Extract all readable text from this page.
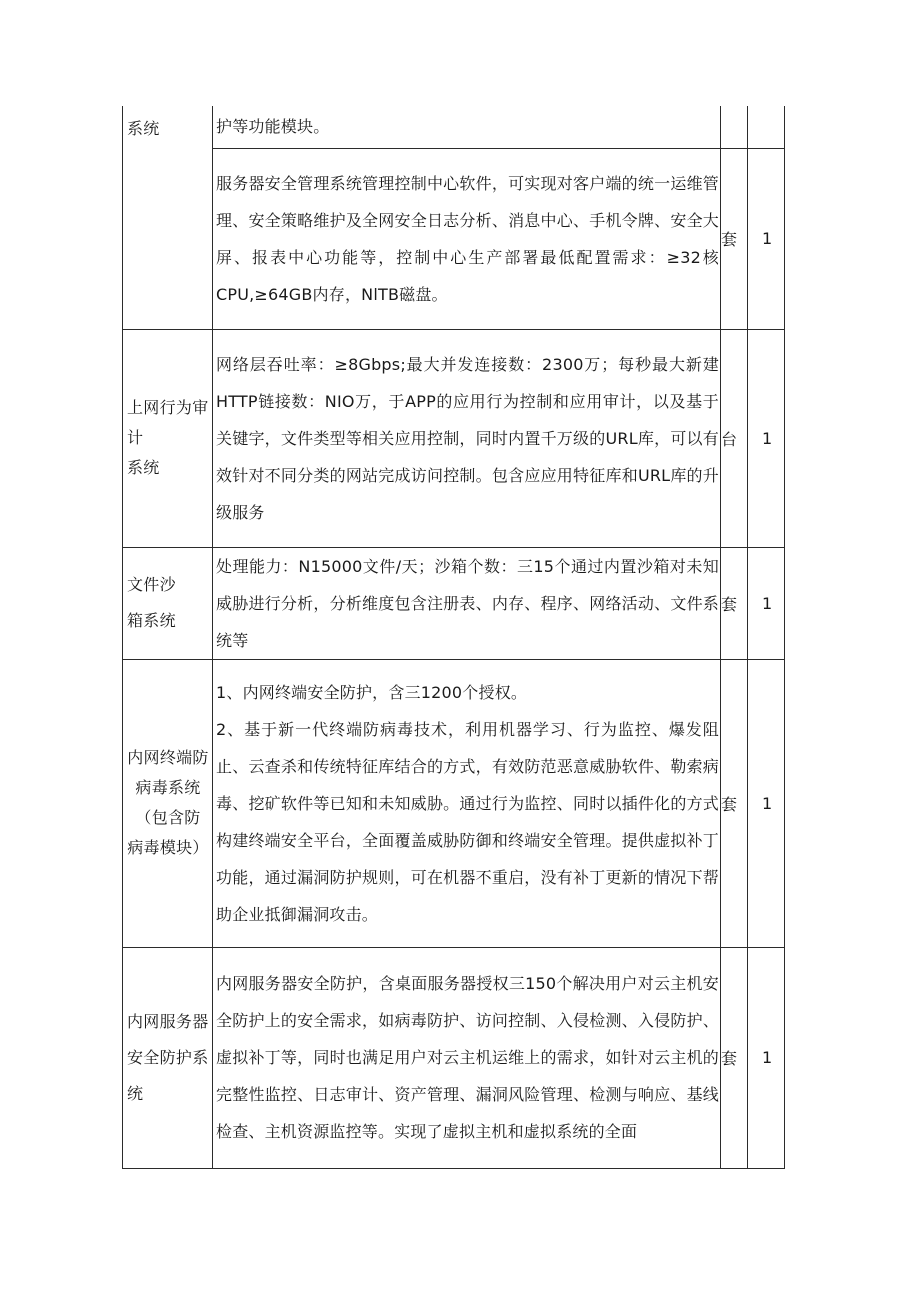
系统	护等功能模块。		

	服务器安全管理系统管理控制中心软件，可实现对客户端的统一运维管理、安全策略维护及全网安全日志分析、消息中心、手机令牌、安全大屏、报表中心功能等，控制中心生产部署最低配置需求：≥32核CPU,≥64GB内存，NlTB磁盘。	套	1

上网行为审计
系统	网络层吞吐率：≥8Gbps;最大并发连接数：2300万；每秒最大新建HTTP链接数：NIO万，于APP的应用行为控制和应用审计，以及基于关键字，文件类型等相关应用控制，同时内置千万级的URL库，可以有效针对不同分类的网站完成访问控制。包含应应用特征库和URL库的升级服务	台	1

文件沙
箱系统	处理能力：N15000文件/天；沙箱个数：三15个通过内置沙箱对未知威胁进行分析，分析维度包含注册表、内存、程序、网络活动、文件系统等	套	1

内网终端防
病毒系统
（包含防
病毒模块）	1、内网终端安全防护，含三1200个授权。
2、基于新一代终端防病毒技术，利用机器学习、行为监控、爆发阻止、云查杀和传统特征库结合的方式，有效防范恶意威胁软件、勒索病毒、挖矿软件等已知和未知威胁。通过行为监控、同时以插件化的方式构建终端安全平台，全面覆盖威胁防御和终端安全管理。提供虚拟补丁功能，通过漏洞防护规则，可在机器不重启，没有补丁更新的情况下帮助企业抵御漏洞攻击。	套	1

内网服务器
安全防护系
统	内网服务器安全防护，含桌面服务器授权三150个解决用户对云主机安全防护上的安全需求，如病毒防护、访问控制、入侵检测、入侵防护、虚拟补丁等，同时也满足用户对云主机运维上的需求，如针对云主机的完整性监控、日志审计、资产管理、漏洞风险管理、检测与响应、基线检查、主机资源监控等。实现了虚拟主机和虚拟系统的全面	套	1
